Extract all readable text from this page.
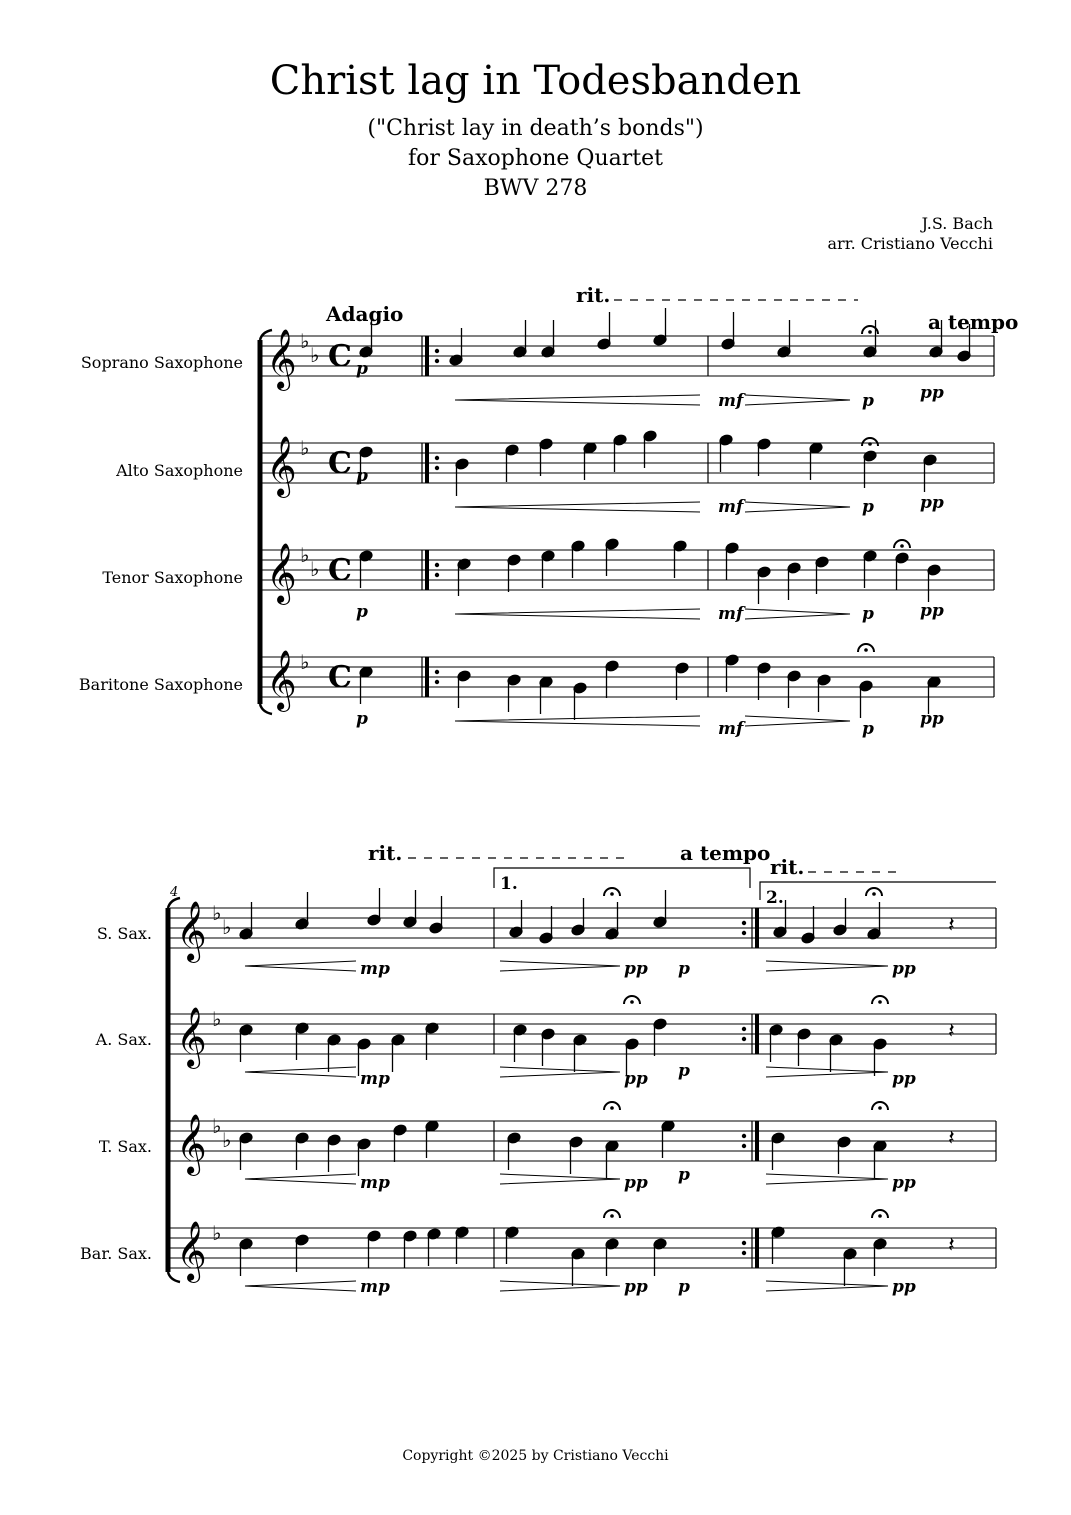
Christ lag in Todesbanden
("Christ lay in death’s bonds")
for Saxophone Quartet
BWV 278
J.S. Bach
arr. Cristiano Vecchi
Soprano Saxophone
Alto Saxophone
Tenor Saxophone
Baritone Saxophone
Adagio
rit.
a tempo
𝄞 ♭
♭ C
𝄞 ♭ C
𝄞 ♭
♭ C
𝄞 ♭ C
p
p
p
p
mf
mf
mf
mf
p
p
p
p
pp
pp
pp
pp
4
S. Sax.
A. Sax.
T. Sax.
Bar. Sax.
rit.	a tempo
rit.
1.
2.
𝄞 ♭
♭
𝄞 ♭
𝄞 ♭
♭
𝄞 ♭
𝄽
𝄽
𝄽
𝄽
mp
mp
mp
mp
pp
pp
pp
pp
p
p
p
p
pp
pp
pp
pp
Copyright ©2025 by Cristiano Vecchi
